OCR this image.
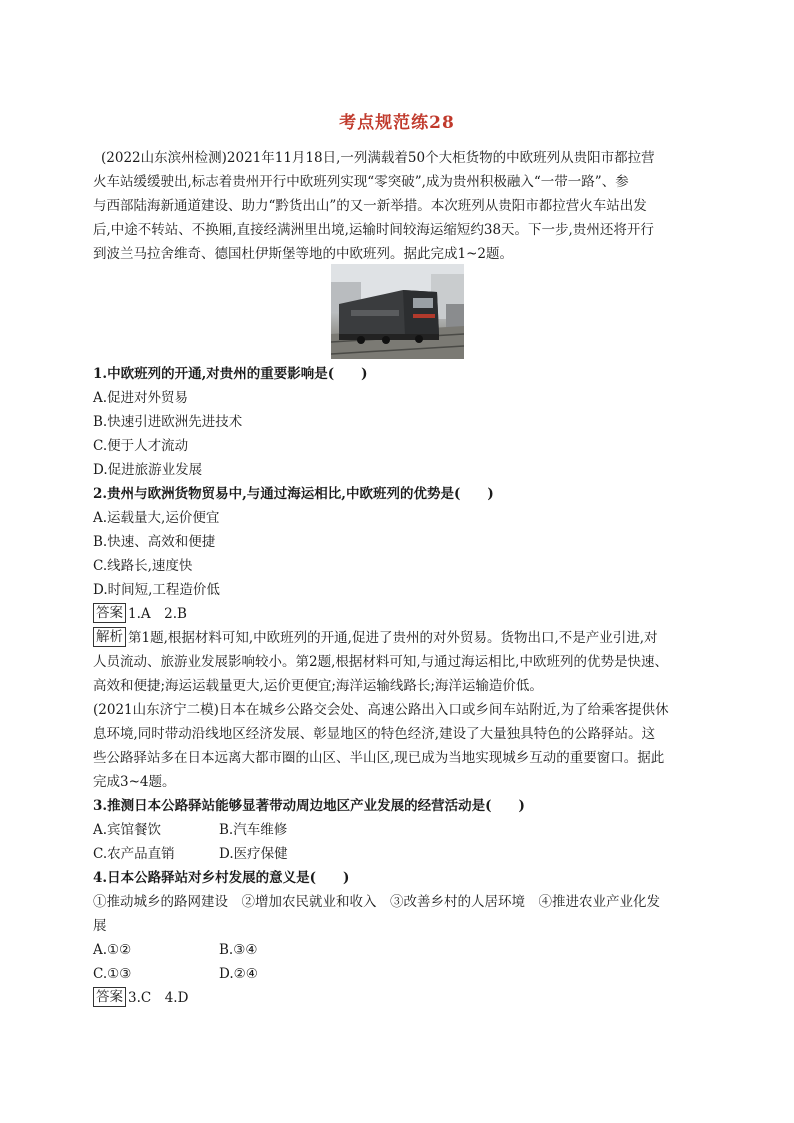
考点规范练28
(2022山东滨州检测)2021年11月18日,一列满载着50个大柜货物的中欧班列从贵阳市都拉营
火车站缓缓驶出,标志着贵州开行中欧班列实现“零突破”,成为贵州积极融入“一带一路”、参
与西部陆海新通道建设、助力“黔货出山”的又一新举措。本次班列从贵阳市都拉营火车站出发
后,中途不转站、不换厢,直接经满洲里出境,运输时间较海运缩短约38天。下一步,贵州还将开行
到波兰马拉舍维奇、德国杜伊斯堡等地的中欧班列。据此完成1~2题。
1.中欧班列的开通,对贵州的重要影响是(　　)
A.促进对外贸易
B.快速引进欧洲先进技术
C.便于人才流动
D.促进旅游业发展
2.贵州与欧洲货物贸易中,与通过海运相比,中欧班列的优势是(　　)
A.运载量大,运价便宜
B.快速、高效和便捷
C.线路长,速度快
D.时间短,工程造价低
答案 1.A　2.B
解析 第1题,根据材料可知,中欧班列的开通,促进了贵州的对外贸易。货物出口,不是产业引进,对
人员流动、旅游业发展影响较小。第2题,根据材料可知,与通过海运相比,中欧班列的优势是快速、
高效和便捷;海运运载量更大,运价更便宜;海洋运输线路长;海洋运输造价低。
(2021山东济宁二模)日本在城乡公路交会处、高速公路出入口或乡间车站附近,为了给乘客提供休
息环境,同时带动沿线地区经济发展、彰显地区的特色经济,建设了大量独具特色的公路驿站。这
些公路驿站多在日本远离大都市圈的山区、半山区,现已成为当地实现城乡互动的重要窗口。据此
完成3~4题。
3.推测日本公路驿站能够显著带动周边地区产业发展的经营活动是(　　)
A.宾馆餐饮	B.汽车维修
C.农产品直销	D.医疗保健
4.日本公路驿站对乡村发展的意义是(　　)
①推动城乡的路网建设　②增加农民就业和收入　③改善乡村的人居环境　④推进农业产业化发
展
A.①②	B.③④
C.①③	D.②④
答案 3.C　4.D
